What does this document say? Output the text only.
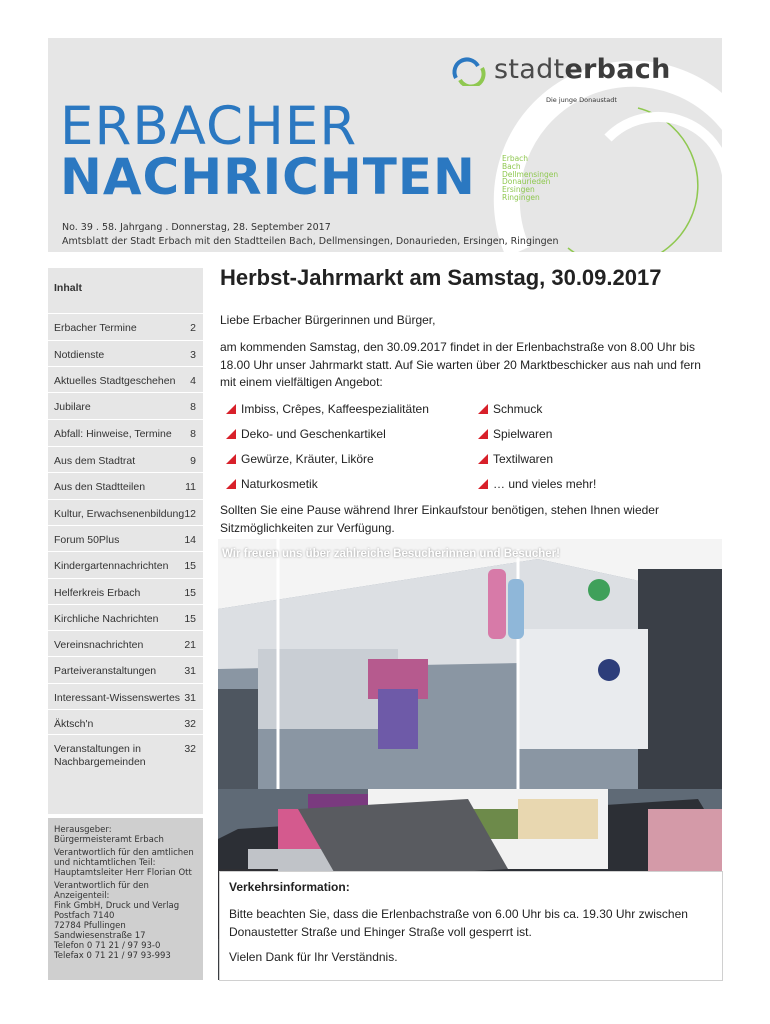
stadterbach
Die junge Donaustadt
ERBACHER
NACHRICHTEN	Erbach
Bach
Dellmensingen
Donaurieden
Ersingen
Ringingen
No. 39 . 58. Jahrgang . Donnerstag, 28. September 2017
Amtsblatt der Stadt Erbach mit den Stadtteilen Bach, Dellmensingen, Donaurieden, Ersingen, Ringingen
Inhalt
Erbacher Termine	2
Notdienste	3
Aktuelles Stadtgeschehen 4
Jubilare	8
Abfall: Hinweise, Termine 8
Aus dem Stadtrat	9
Aus den Stadtteilen	11
Kultur, Erwachsenenbildung 12
Forum 50Plus	14
Kindergartennachrichten 15
Helferkreis Erbach	15
Kirchliche Nachrichten 15
Vereinsnachrichten	21
Parteiveranstaltungen	31
Interessant-Wissenswertes 31
Äktsch'n	32
Veranstaltungen in
Nachbargemeinden
32

Herausgeber:
Bürgermeisteramt Erbach

Verantwortlich für den amtlichen und nichtamtlichen Teil:
Hauptamtsleiter Herr Florian Ott

Verantwortlich für den Anzeigenteil:
Fink GmbH, Druck und Verlag
Postfach 7140
72784 Pfullingen
Sandwiesenstraße 17
Telefon 0 71 21 / 97 93-0
Telefax 0 71 21 / 97 93-993

Herbst-Jahrmarkt am Samstag, 30.09.2017
Liebe Erbacher Bürgerinnen und Bürger,
am kommenden Samstag, den 30.09.2017 findet in der Erlenbachstraße von 8.00 Uhr bis 18.00 Uhr unser Jahrmarkt statt. Auf Sie warten über 20 Marktbeschicker aus nah und fern mit einem vielfältigen Angebot:
Imbiss, Crêpes, Kaffeespezialitäten
Deko- und Geschenkartikel
Gewürze, Kräuter, Liköre
Naturkosmetik
Schmuck
Spielwaren
Textilwaren
… und vieles mehr!
Sollten Sie eine Pause während Ihrer Einkaufstour benötigen, stehen Ihnen wieder Sitzmöglichkeiten zur Verfügung.
Wir freuen uns über zahlreiche Besucherinnen und Besucher!
Verkehrsinformation:
Bitte beachten Sie, dass die Erlenbachstraße von 6.00 Uhr bis ca. 19.30 Uhr zwischen Donaustetter Straße und Ehinger Straße voll gesperrt ist.
Vielen Dank für Ihr Verständnis.
